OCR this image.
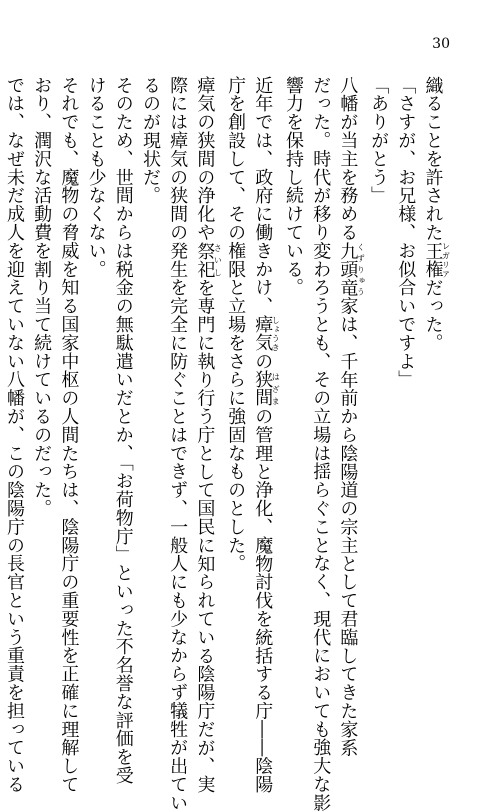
30
織ることを許された王権レガリアだった。
「さすが、お兄様、お似合いですよ」
「ありがとう」
八幡が当主を務める九頭竜くずりゅう家は、千年前から陰陽道の宗主として君臨してきた家系
だった。時代が移り変わろうとも、その立場は揺らぐことなく、現代においても強大な影
響力を保持し続けている。
近年では、政府に働きかけ、瘴気しょうきの狭間はざまの管理と浄化、魔物討伐を統括する庁――陰陽
庁を創設して、その権限と立場をさらに強固なものとした。
瘴気の狭間の浄化や祭祀さいしを専門に執り行う庁として国民に知られている陰陽庁だが、実
際には瘴気の狭間の発生を完全に防ぐことはできず、一般人にも少なからず犠牲が出てい
るのが現状だ。
そのため、世間からは税金の無駄遣いだとか、「お荷物庁」といった不名誉な評価を受
けることも少なくない。
それでも、魔物の脅威を知る国家中枢の人間たちは、陰陽庁の重要性を正確に理解して
おり、潤沢な活動費を割り当て続けているのだった。
では、なぜ未だ成人を迎えていない八幡が、この陰陽庁の長官という重責を担っている
